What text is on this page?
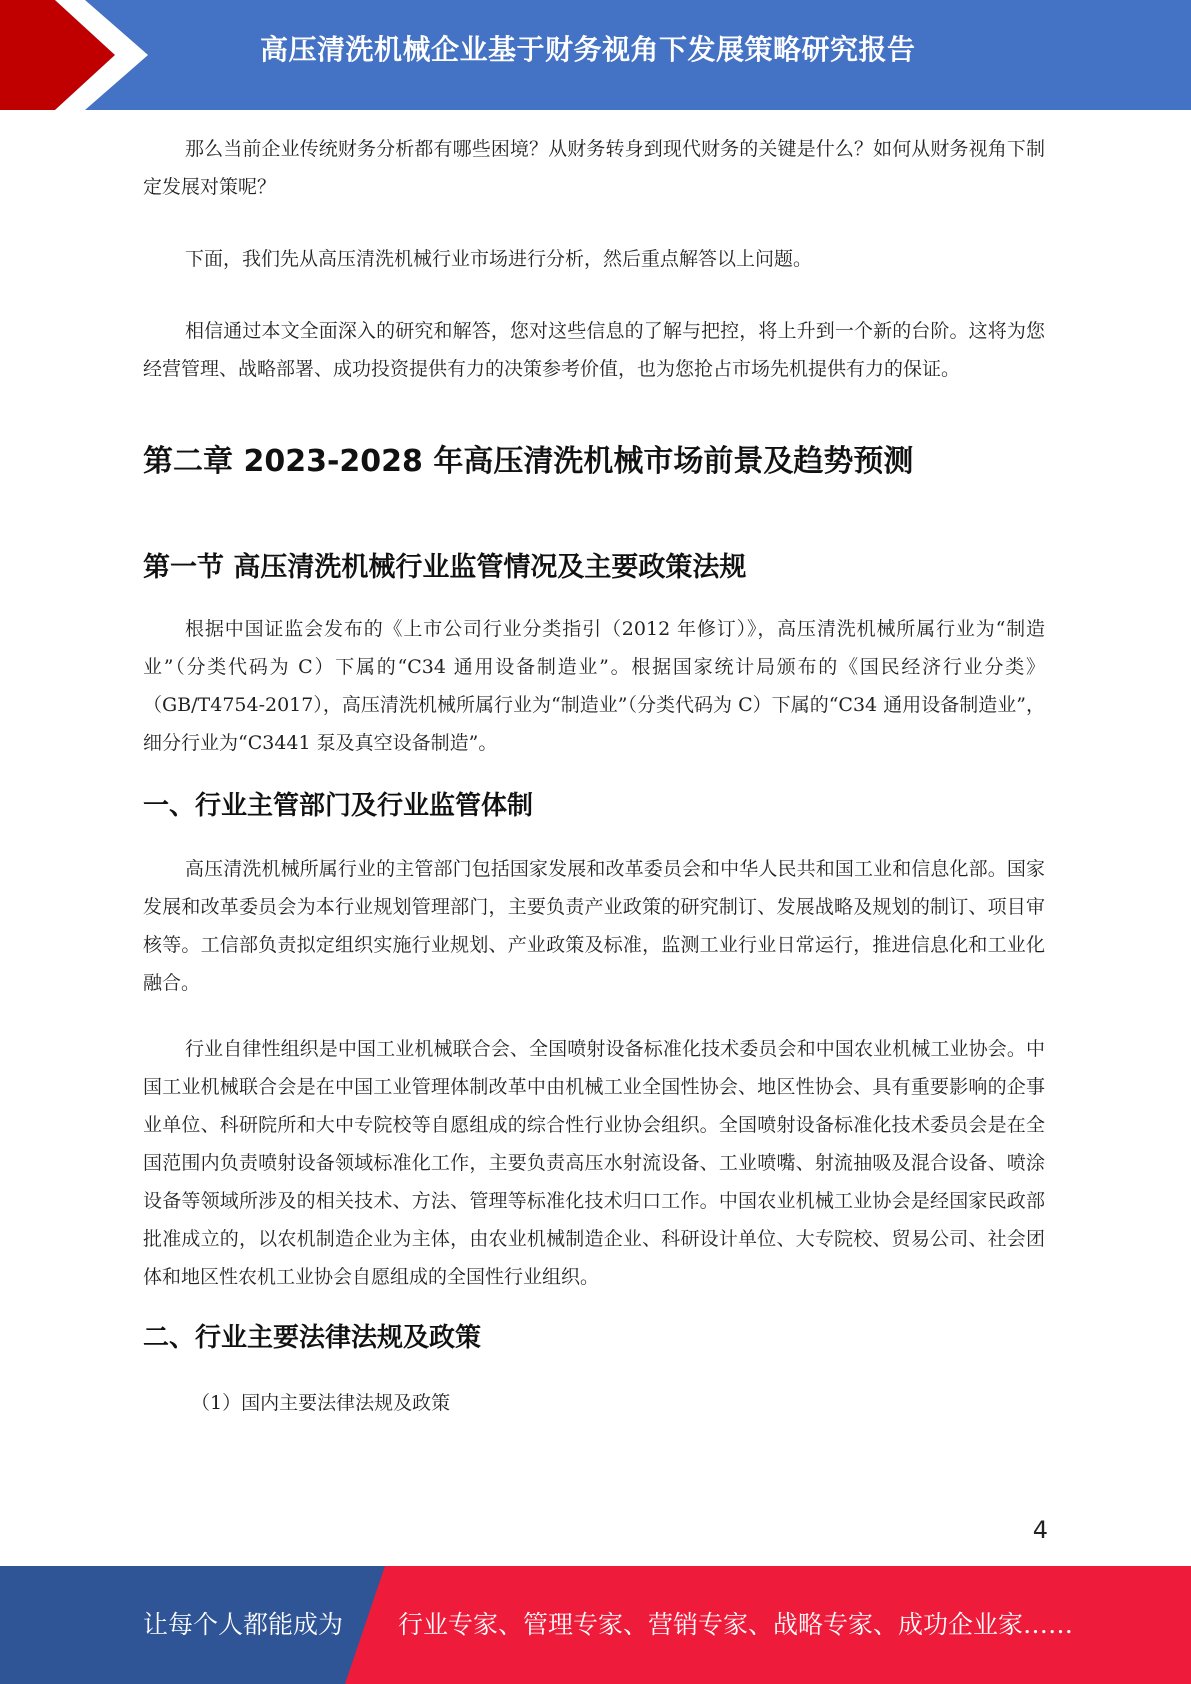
高压清洗机械企业基于财务视角下发展策略研究报告

那么当前企业传统财务分析都有哪些困境？从财务转身到现代财务的关键是什么？如何从财务视角下制定发展对策呢？

下面，我们先从高压清洗机械行业市场进行分析，然后重点解答以上问题。

相信通过本文全面深入的研究和解答，您对这些信息的了解与把控，将上升到一个新的台阶。这将为您经营管理、战略部署、成功投资提供有力的决策参考价值，也为您抢占市场先机提供有力的保证。

第二章 2023-2028 年高压清洗机械市场前景及趋势预测
第一节 高压清洗机械行业监管情况及主要政策法规

根据中国证监会发布的《上市公司行业分类指引（2012 年修订）》，高压清洗机械所属行业为“制造业”（分类代码为 C）下属的“C34 通用设备制造业”。根据国家统计局颁布的《国民经济行业分类》（GB/T4754-2017），高压清洗机械所属行业为“制造业”（分类代码为 C）下属的“C34 通用设备制造业”，细分行业为“C3441 泵及真空设备制造”。

一、行业主管部门及行业监管体制

高压清洗机械所属行业的主管部门包括国家发展和改革委员会和中华人民共和国工业和信息化部。国家发展和改革委员会为本行业规划管理部门，主要负责产业政策的研究制订、发展战略及规划的制订、项目审核等。工信部负责拟定组织实施行业规划、产业政策及标准，监测工业行业日常运行，推进信息化和工业化融合。

行业自律性组织是中国工业机械联合会、全国喷射设备标准化技术委员会和中国农业机械工业协会。中国工业机械联合会是在中国工业管理体制改革中由机械工业全国性协会、地区性协会、具有重要影响的企事业单位、科研院所和大中专院校等自愿组成的综合性行业协会组织。全国喷射设备标准化技术委员会是在全国范围内负责喷射设备领域标准化工作，主要负责高压水射流设备、工业喷嘴、射流抽吸及混合设备、喷涂设备等领域所涉及的相关技术、方法、管理等标准化技术归口工作。中国农业机械工业协会是经国家民政部批准成立的，以农机制造企业为主体，由农业机械制造企业、科研设计单位、大专院校、贸易公司、社会团体和地区性农机工业协会自愿组成的全国性行业组织。

二、行业主要法律法规及政策

（1）国内主要法律法规及政策

4
让每个人都能成为 行业专家、管理专家、营销专家、战略专家、成功企业家……
